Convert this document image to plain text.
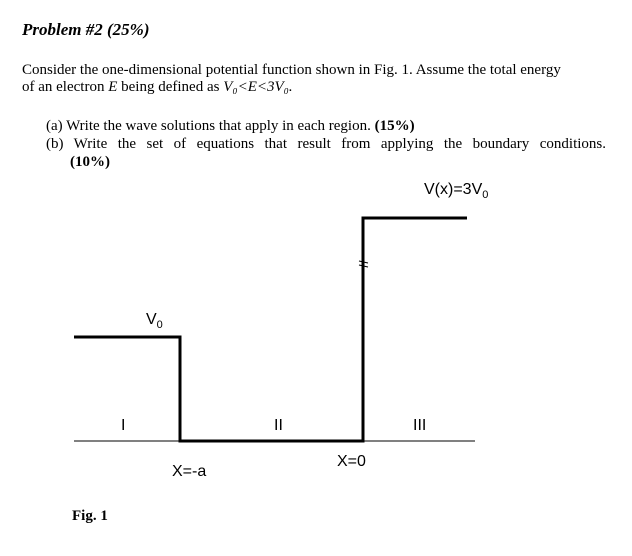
Problem #2 (25%)
Consider the one-dimensional potential function shown in Fig. 1. Assume the total energy
of an electron E being defined as V₀<E<3V₀.
(a) Write the wave solutions that apply in each region. (15%)
(b) Write the set of equations that result from applying the boundary conditions.
(10%)
$V(x)=3V_0$
$V_0$
I	II	III
X=-a
X=0
Fig. 1
